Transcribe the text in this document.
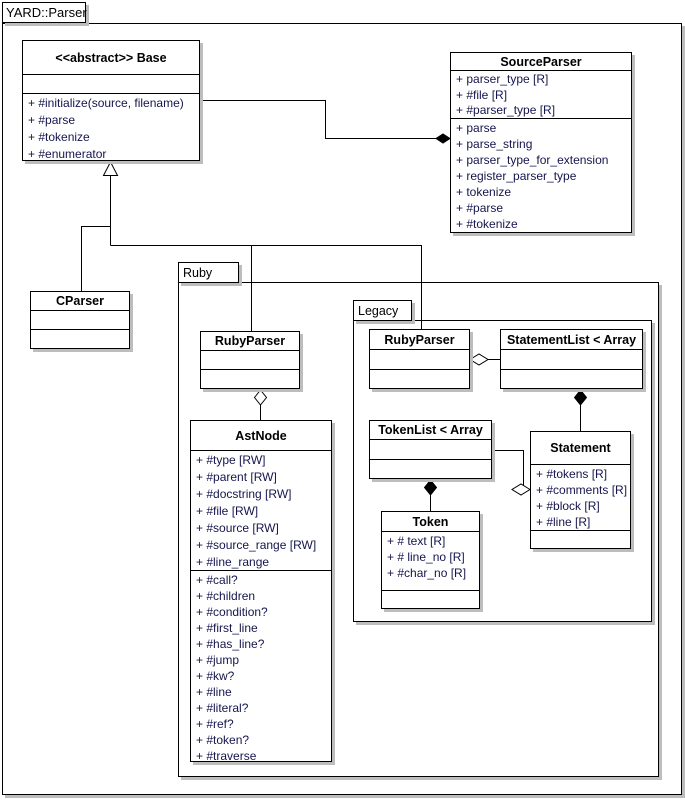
YARD::Parser
Ruby
Legacy
<<abstract>> Base
+ #initialize(source, filename)
+ #parse
+ #tokenize
+ #enumerator
SourceParser
+ parser_type [R]
+ #file [R]
+ #parser_type [R]
+ parse
+ parse_string
+ parser_type_for_extension
+ register_parser_type
+ tokenize
+ #parse
+ #tokenize
CParser
RubyParser
AstNode
+ #type [RW]
+ #parent [RW]
+ #docstring [RW]
+ #file [RW]
+ #source [RW]
+ #source_range [RW]
+ #line_range
+ #call?
+ #children
+ #condition?
+ #first_line
+ #has_line?
+ #jump
+ #kw?
+ #line
+ #literal?
+ #ref?
+ #token?
+ #traverse
RubyParser	StatementList < Array
TokenList < Array
Statement
+ #tokens [R]
+ #comments [R]
+ #block [R]
+ #line [R]
Token
+ # text [R]
+ # line_no [R]
+ #char_no [R]
